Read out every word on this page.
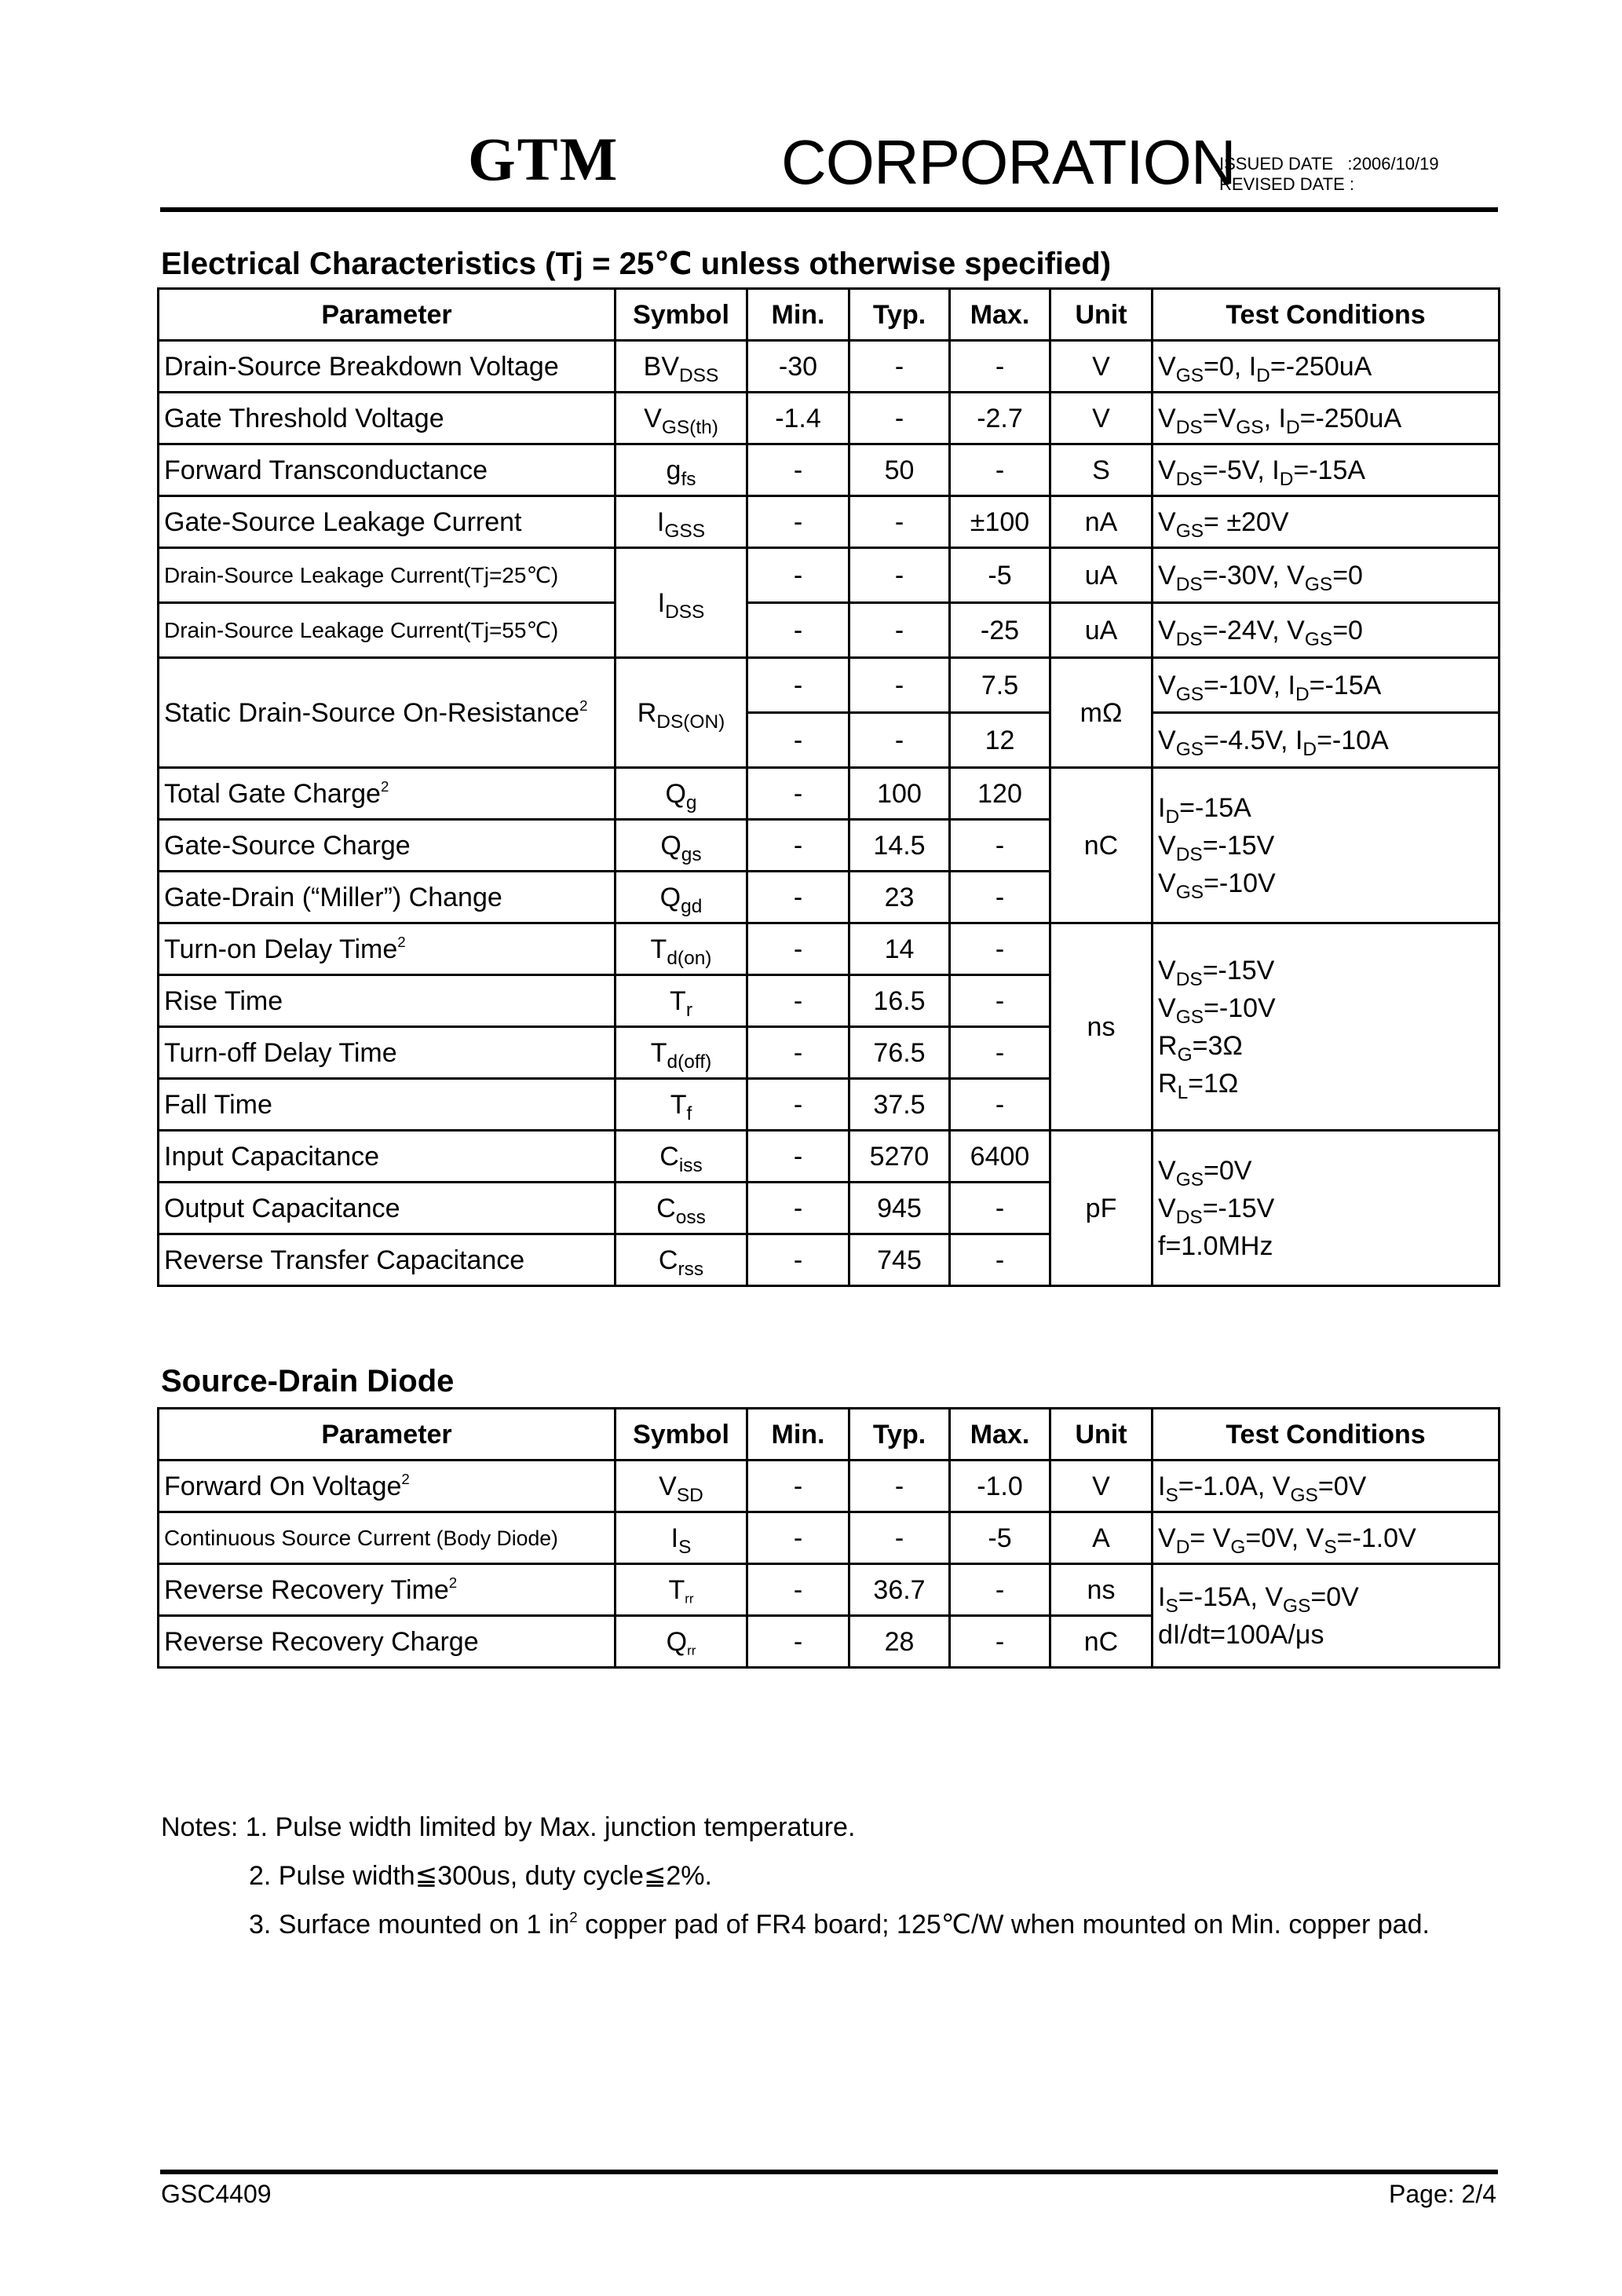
GTM	CORPORATION
ISSUED DATE   :2006/10/19
REVISED DATE :
Electrical Characteristics (Tj = 25℃ unless otherwise specified)
Parameter	Symbol	Min.	Typ.	Max.	Unit	Test Conditions
Drain-Source Breakdown Voltage	$BV_{DSS}$	-30	-	-	V	$V_{GS}=0$, $I_D=-250uA$
Gate Threshold Voltage	$V_{GS(th)}$	-1.4	-	-2.7	V	$V_{DS}=V_{GS}$, $I_D=-250uA$
Forward Transconductance	$g_{fs}$	-	50	-	S	$V_{DS}=-5V$, $I_D=-15A$
Gate-Source Leakage Current	$I_{GSS}$	-	-	±100	nA	$V_{GS}= \pm 20V$
Drain-Source Leakage Current(Tj=25℃)	$I_{DSS}$	-	-	-5	uA	$V_{DS}=-30V$, $V_{GS}=0$
Drain-Source Leakage Current(Tj=55℃)		-	-	-25	uA	$V_{DS}=-24V$, $V_{GS}=0$
Static Drain-Source On-Resistance$^2$	$R_{DS(ON)}$	-	-	7.5	mΩ	$V_{GS}=-10V$, $I_D=-15A$
		-	-	12		$V_{GS}=-4.5V$, $I_D=-10A$
Total Gate Charge$^2$	$Q_g$	-	100	120	nC	$I_D=-15A$
$V_{DS}=-15V$
$V_{GS}=-10V$

Gate-Source Charge	$Q_{gs}$	-	14.5	-		
Gate-Drain (“Miller”) Change	$Q_{gd}$	-	23	-		
Turn-on Delay Time$^2$	$T_{d(on)}$	-	14	-	ns	$V_{DS}=-15V$
$V_{GS}=-10V$
$R_G=3\Omega$
$R_L=1\Omega$

Rise Time	$T_r$	-	16.5	-		
Turn-off Delay Time	$T_{d(off)}$	-	76.5	-		
Fall Time	$T_f$	-	37.5	-		
Input Capacitance	$C_{iss}$	-	5270	6400	pF	$V_{GS}=0V$
$V_{DS}=-15V$
f=1.0MHz

Output Capacitance	$C_{oss}$	-	945	-		
Reverse Transfer Capacitance	$C_{rss}$	-	745	-		
Source-Drain Diode
Parameter	Symbol	Min.	Typ.	Max.	Unit	Test Conditions
Forward On Voltage$^2$	$V_{SD}$	-	-	-1.0	V	$I_S=-1.0A$, $V_{GS}=0V$
Continuous Source Current (Body Diode)	$I_S$	-	-	-5	A	$V_D= V_G=0V$, $V_S=-1.0V$
Reverse Recovery Time$^2$	$T_{rr}$	-	36.7	-	ns	$I_S=-15A$, $V_{GS}=0V$
dI/dt=100A/μs

Reverse Recovery Charge	$Q_{rr}$	-	28	-	nC	
Notes: 1. Pulse width limited by Max. junction temperature.
2. Pulse width≦300us, duty cycle≦2%.
3. Surface mounted on 1 $in^2$ copper pad of FR4 board; 125℃/W when mounted on Min. copper pad.
GSC4409	Page: 2/4
